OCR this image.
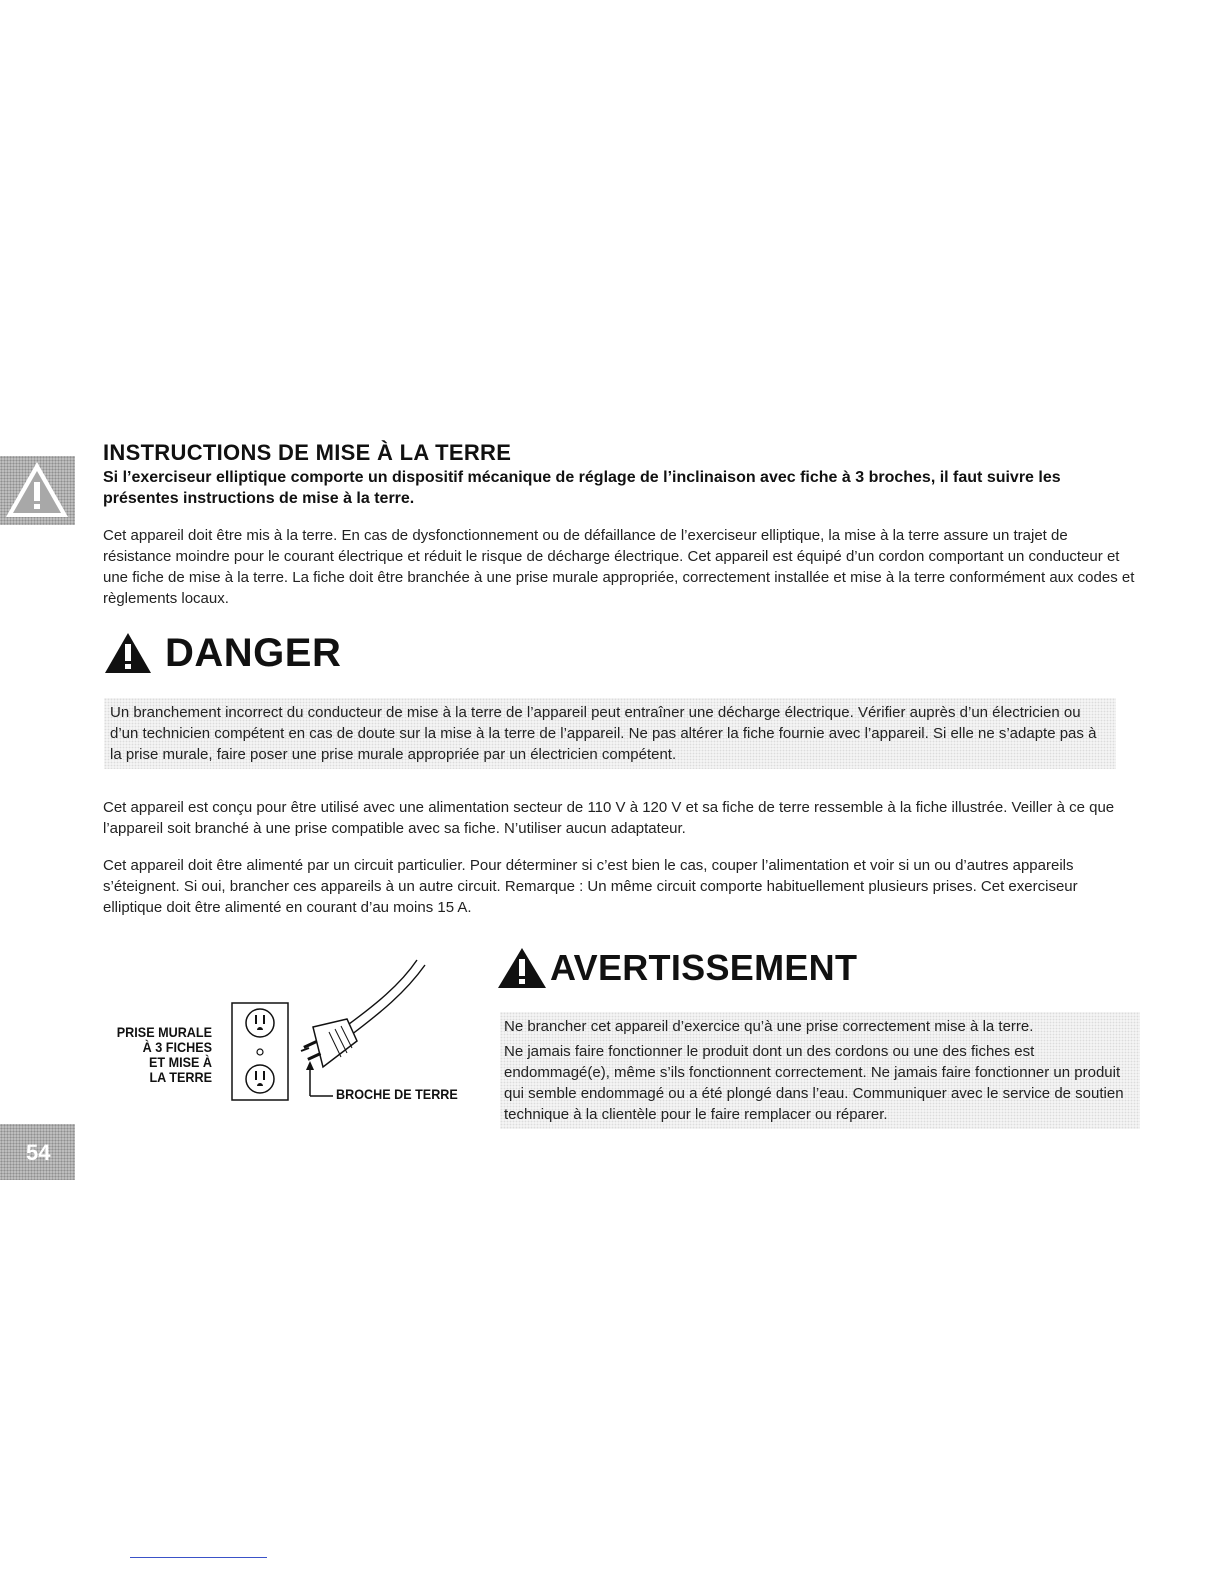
54
INSTRUCTIONS DE MISE À LA TERRE

Si l’exerciseur elliptique comporte un dispositif mécanique de réglage de l’inclinaison avec fiche à 3 broches, il faut suivre les présentes instructions de mise à la terre.

Cet appareil doit être mis à la terre. En cas de dysfonctionnement ou de défaillance de l’exerciseur elliptique, la mise à la terre assure un trajet de résistance moindre pour le courant électrique et réduit le risque de décharge électrique. Cet appareil est équipé d’un cordon comportant un conducteur et une fiche de mise à la terre. La fiche doit être branchée à une prise murale appropriée, correctement installée et mise à la terre conformément aux codes et règlements locaux.

DANGER
Un branchement incorrect du conducteur de mise à la terre de l’appareil peut entraîner une décharge électrique. Vérifier auprès d’un électricien ou d’un technicien compétent en cas de doute sur la mise à la terre de l’appareil. Ne pas altérer la fiche fournie avec l’appareil. Si elle ne s’adapte pas à la prise murale, faire poser une prise murale appropriée par un électricien compétent.

Cet appareil est conçu pour être utilisé avec une alimentation secteur de 110 V à 120 V et sa fiche de terre ressemble à la fiche illustrée. Veiller à ce que l’appareil soit branché à une prise compatible avec sa fiche. N’utiliser aucun adaptateur.

Cet appareil doit être alimenté par un circuit particulier. Pour déterminer si c’est bien le cas, couper l’alimentation et voir si un ou d’autres appareils s’éteignent. Si oui, brancher ces appareils à un autre circuit. Remarque : Un même circuit comporte habituellement plusieurs prises. Cet exerciseur elliptique doit être alimenté en courant d’au moins 15 A.

PRISE MURALE
À 3 FICHES
ET MISE À
LA TERRE
BROCHE DE TERRE
AVERTISSEMENT
Ne brancher cet appareil d’exercice qu’à une prise correctement mise à la terre.
Ne jamais faire fonctionner le produit dont un des cordons ou une des fiches est endommagé(e), même s’ils fonctionnent correctement. Ne jamais faire fonctionner un produit qui semble endommagé ou a été plongé dans l’eau. Communiquer avec le service de soutien technique à la clientèle pour le faire remplacer ou réparer.
